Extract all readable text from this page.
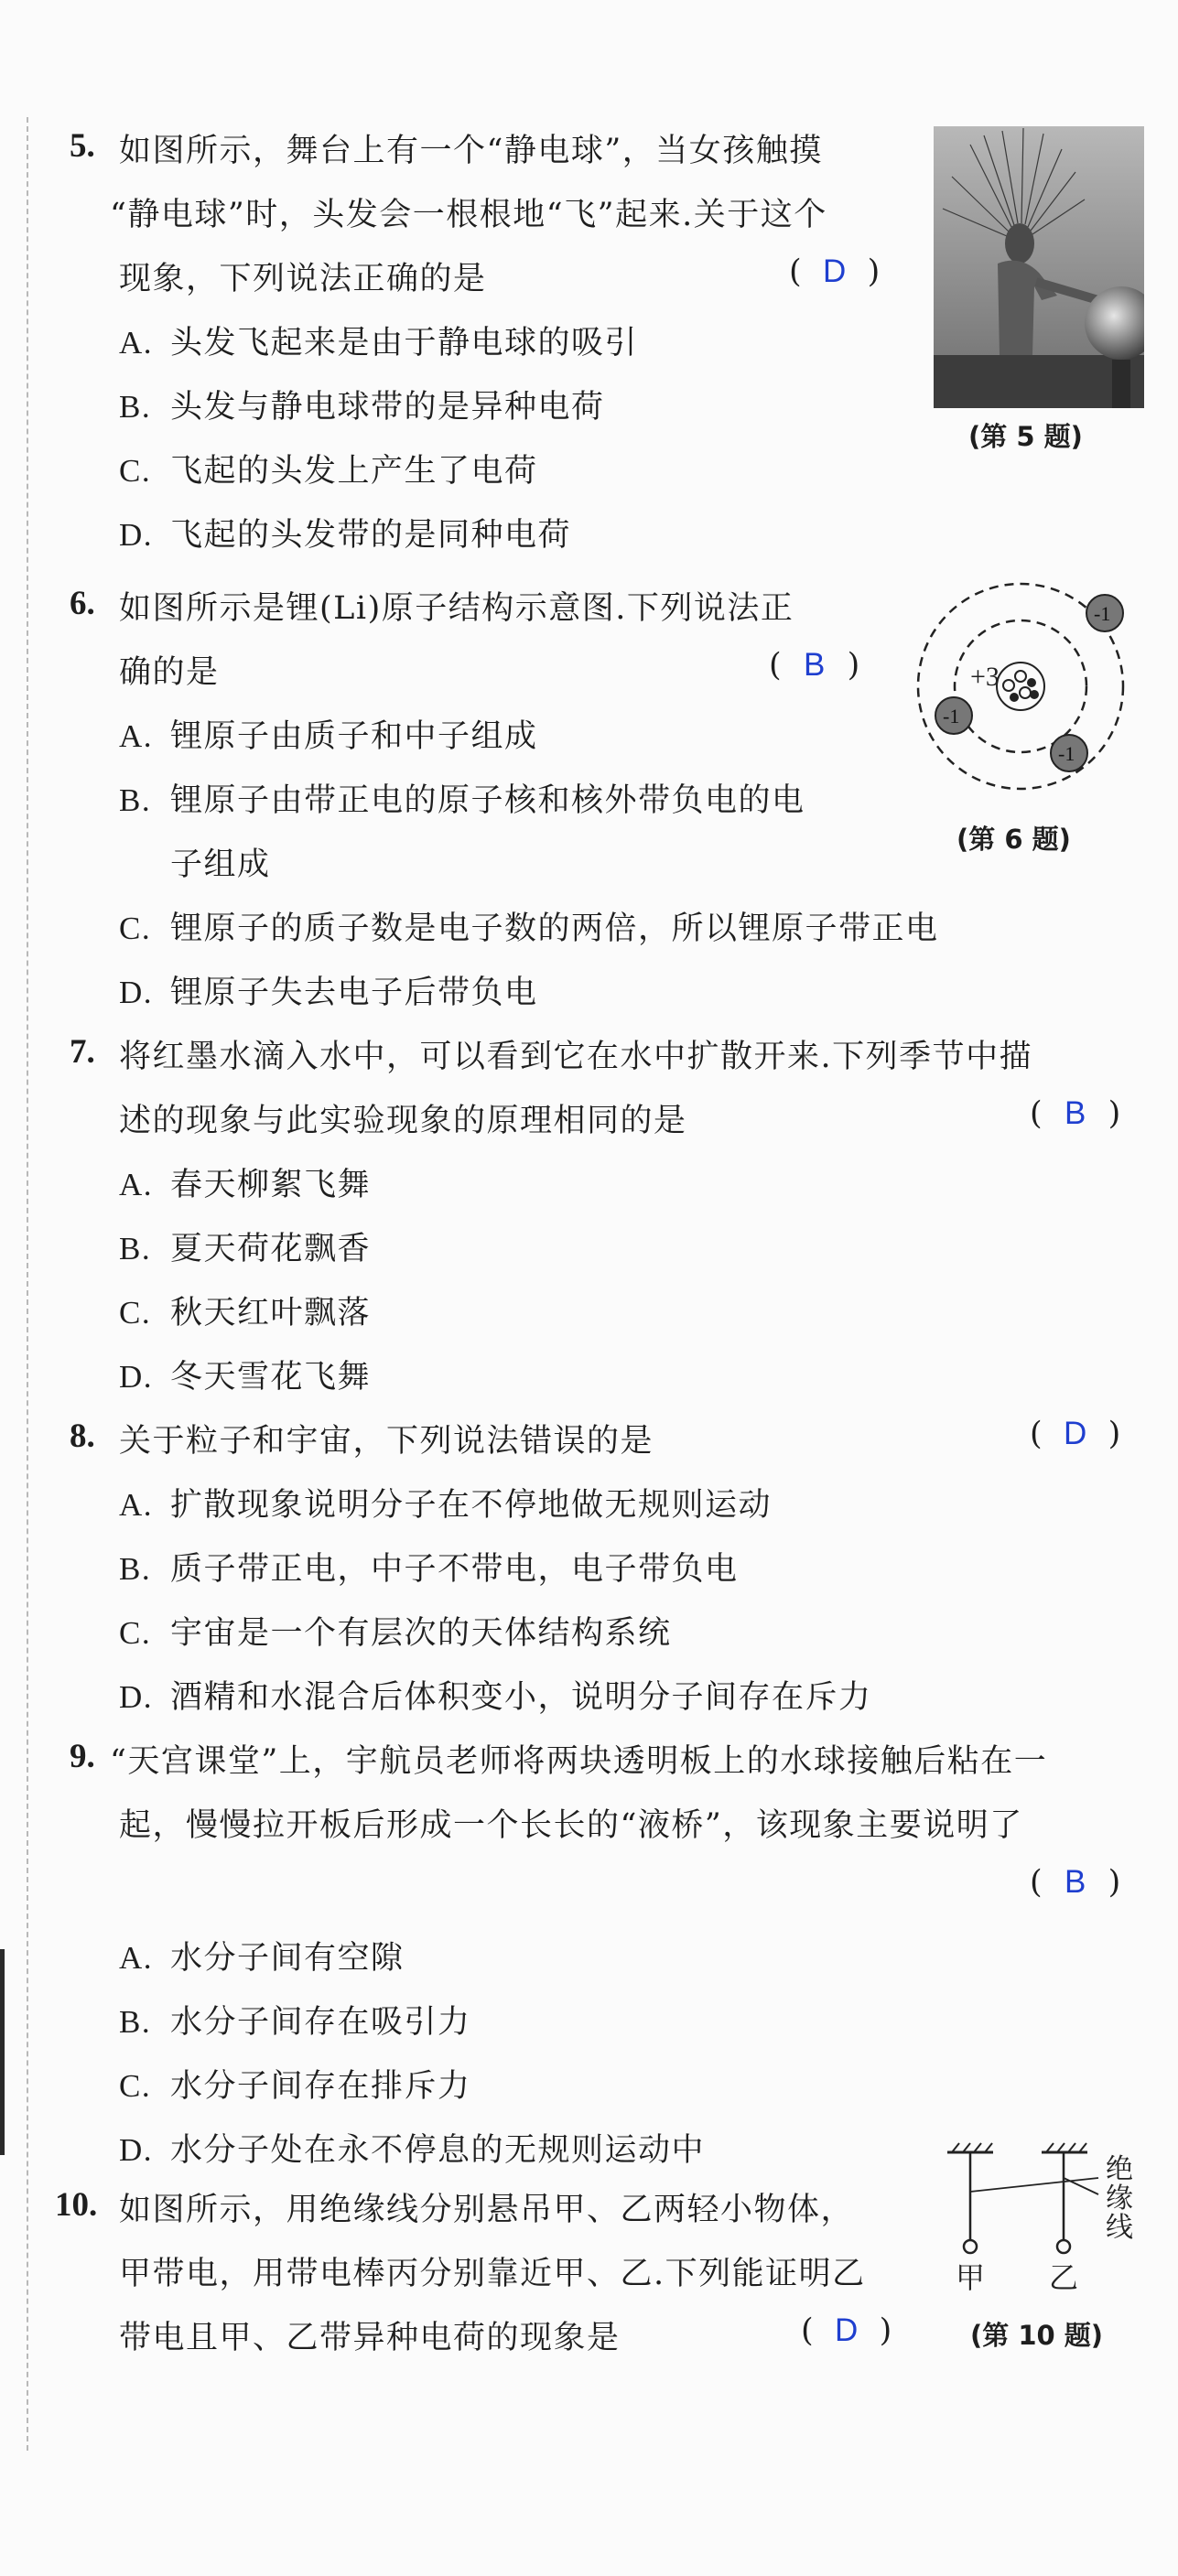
5. 如图所示，舞台上有一个“静电球”，当女孩触摸
“静电球”时，头发会一根根地“飞”起来.关于这个
现象，下列说法正确的是	( D )
A. 头发飞起来是由于静电球的吸引
B. 头发与静电球带的是异种电荷
C. 飞起的头发上产生了电荷
D. 飞起的头发带的是同种电荷
(第 5 题)
6. 如图所示是锂(Li)原子结构示意图.下列说法正
确的是	( B )
A. 锂原子由质子和中子组成
B. 锂原子由带正电的原子核和核外带负电的电
子组成
C. 锂原子的质子数是电子数的两倍，所以锂原子带正电
D. 锂原子失去电子后带负电
+3
-1
-1
-1
(第 6 题)
7. 将红墨水滴入水中，可以看到它在水中扩散开来.下列季节中描
述的现象与此实验现象的原理相同的是	( B )
A. 春天柳絮飞舞
B. 夏天荷花飘香
C. 秋天红叶飘落
D. 冬天雪花飞舞
8. 关于粒子和宇宙，下列说法错误的是	( D )
A. 扩散现象说明分子在不停地做无规则运动
B. 质子带正电，中子不带电，电子带负电
C. 宇宙是一个有层次的天体结构系统
D. 酒精和水混合后体积变小，说明分子间存在斥力
9. “天宫课堂”上，宇航员老师将两块透明板上的水球接触后粘在一
起，慢慢拉开板后形成一个长长的“液桥”，该现象主要说明了
( B )
A. 水分子间有空隙
B. 水分子间存在吸引力
C. 水分子间存在排斥力
D. 水分子处在永不停息的无规则运动中
10. 如图所示，用绝缘线分别悬吊甲、乙两轻小物体，
甲带电，用带电棒丙分别靠近甲、乙.下列能证明乙
带电且甲、乙带异种电荷的现象是	( D )
绝
缘
线
甲 乙
(第 10 题)
